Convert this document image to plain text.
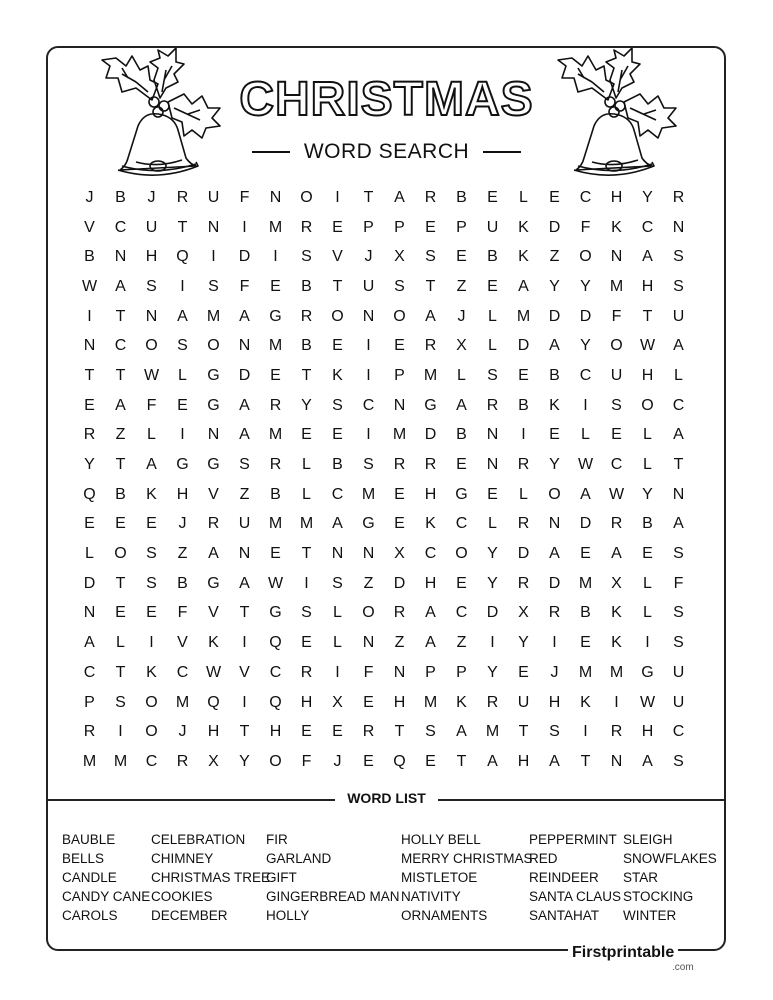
CHRISTMAS
WORD SEARCH
J	B	J	R	U	F	N	O	I	T	A	R	B	E	L	E	C	H	Y	R
V	C	U	T	N	I	M	R	E	P	P	E	P	U	K	D	F	K	C	N
B	N	H	Q	I	D	I	S	V	J	X	S	E	B	K	Z	O	N	A	S
W	A	S	I	S	F	E	B	T	U	S	T	Z	E	A	Y	Y	M	H	S
I	T	N	A	M	A	G	R	O	N	O	A	J	L	M	D	D	F	T	U
N	C	O	S	O	N	M	B	E	I	E	R	X	L	D	A	Y	O	W	A
T	T	W	L	G	D	E	T	K	I	P	M	L	S	E	B	C	U	H	L
E	A	F	E	G	A	R	Y	S	C	N	G	A	R	B	K	I	S	O	C
R	Z	L	I	N	A	M	E	E	I	M	D	B	N	I	E	L	E	L	A
Y	T	A	G	G	S	R	L	B	S	R	R	E	N	R	Y	W	C	L	T
Q	B	K	H	V	Z	B	L	C	M	E	H	G	E	L	O	A	W	Y	N
E	E	E	J	R	U	M	M	A	G	E	K	C	L	R	N	D	R	B	A
L	O	S	Z	A	N	E	T	N	N	X	C	O	Y	D	A	E	A	E	S
D	T	S	B	G	A	W	I	S	Z	D	H	E	Y	R	D	M	X	L	F
N	E	E	F	V	T	G	S	L	O	R	A	C	D	X	R	B	K	L	S
A	L	I	V	K	I	Q	E	L	N	Z	A	Z	I	Y	I	E	K	I	S
C	T	K	C	W	V	C	R	I	F	N	P	P	Y	E	J	M	M	G	U
P	S	O	M	Q	I	Q	H	X	E	H	M	K	R	U	H	K	I	W	U
R	I	O	J	H	T	H	E	E	R	T	S	A	M	T	S	I	R	H	C
M	M	C	R	X	Y	O	F	J	E	Q	E	T	A	H	A	T	N	A	S
WORD LIST
BAUBLE
BELLS
CANDLE
CANDY CANE
CAROLS
CELEBRATION
CHIMNEY
CHRISTMAS TREE
COOKIES
DECEMBER
FIR
GARLAND
GIFT
GINGERBREAD MAN
HOLLY
HOLLY BELL
MERRY CHRISTMAS
MISTLETOE
NATIVITY
ORNAMENTS
PEPPERMINT
RED
REINDEER
SANTA CLAUS
SANTAHAT
SLEIGH
SNOWFLAKES
STAR
STOCKING
WINTER
Firstprintable
.com
